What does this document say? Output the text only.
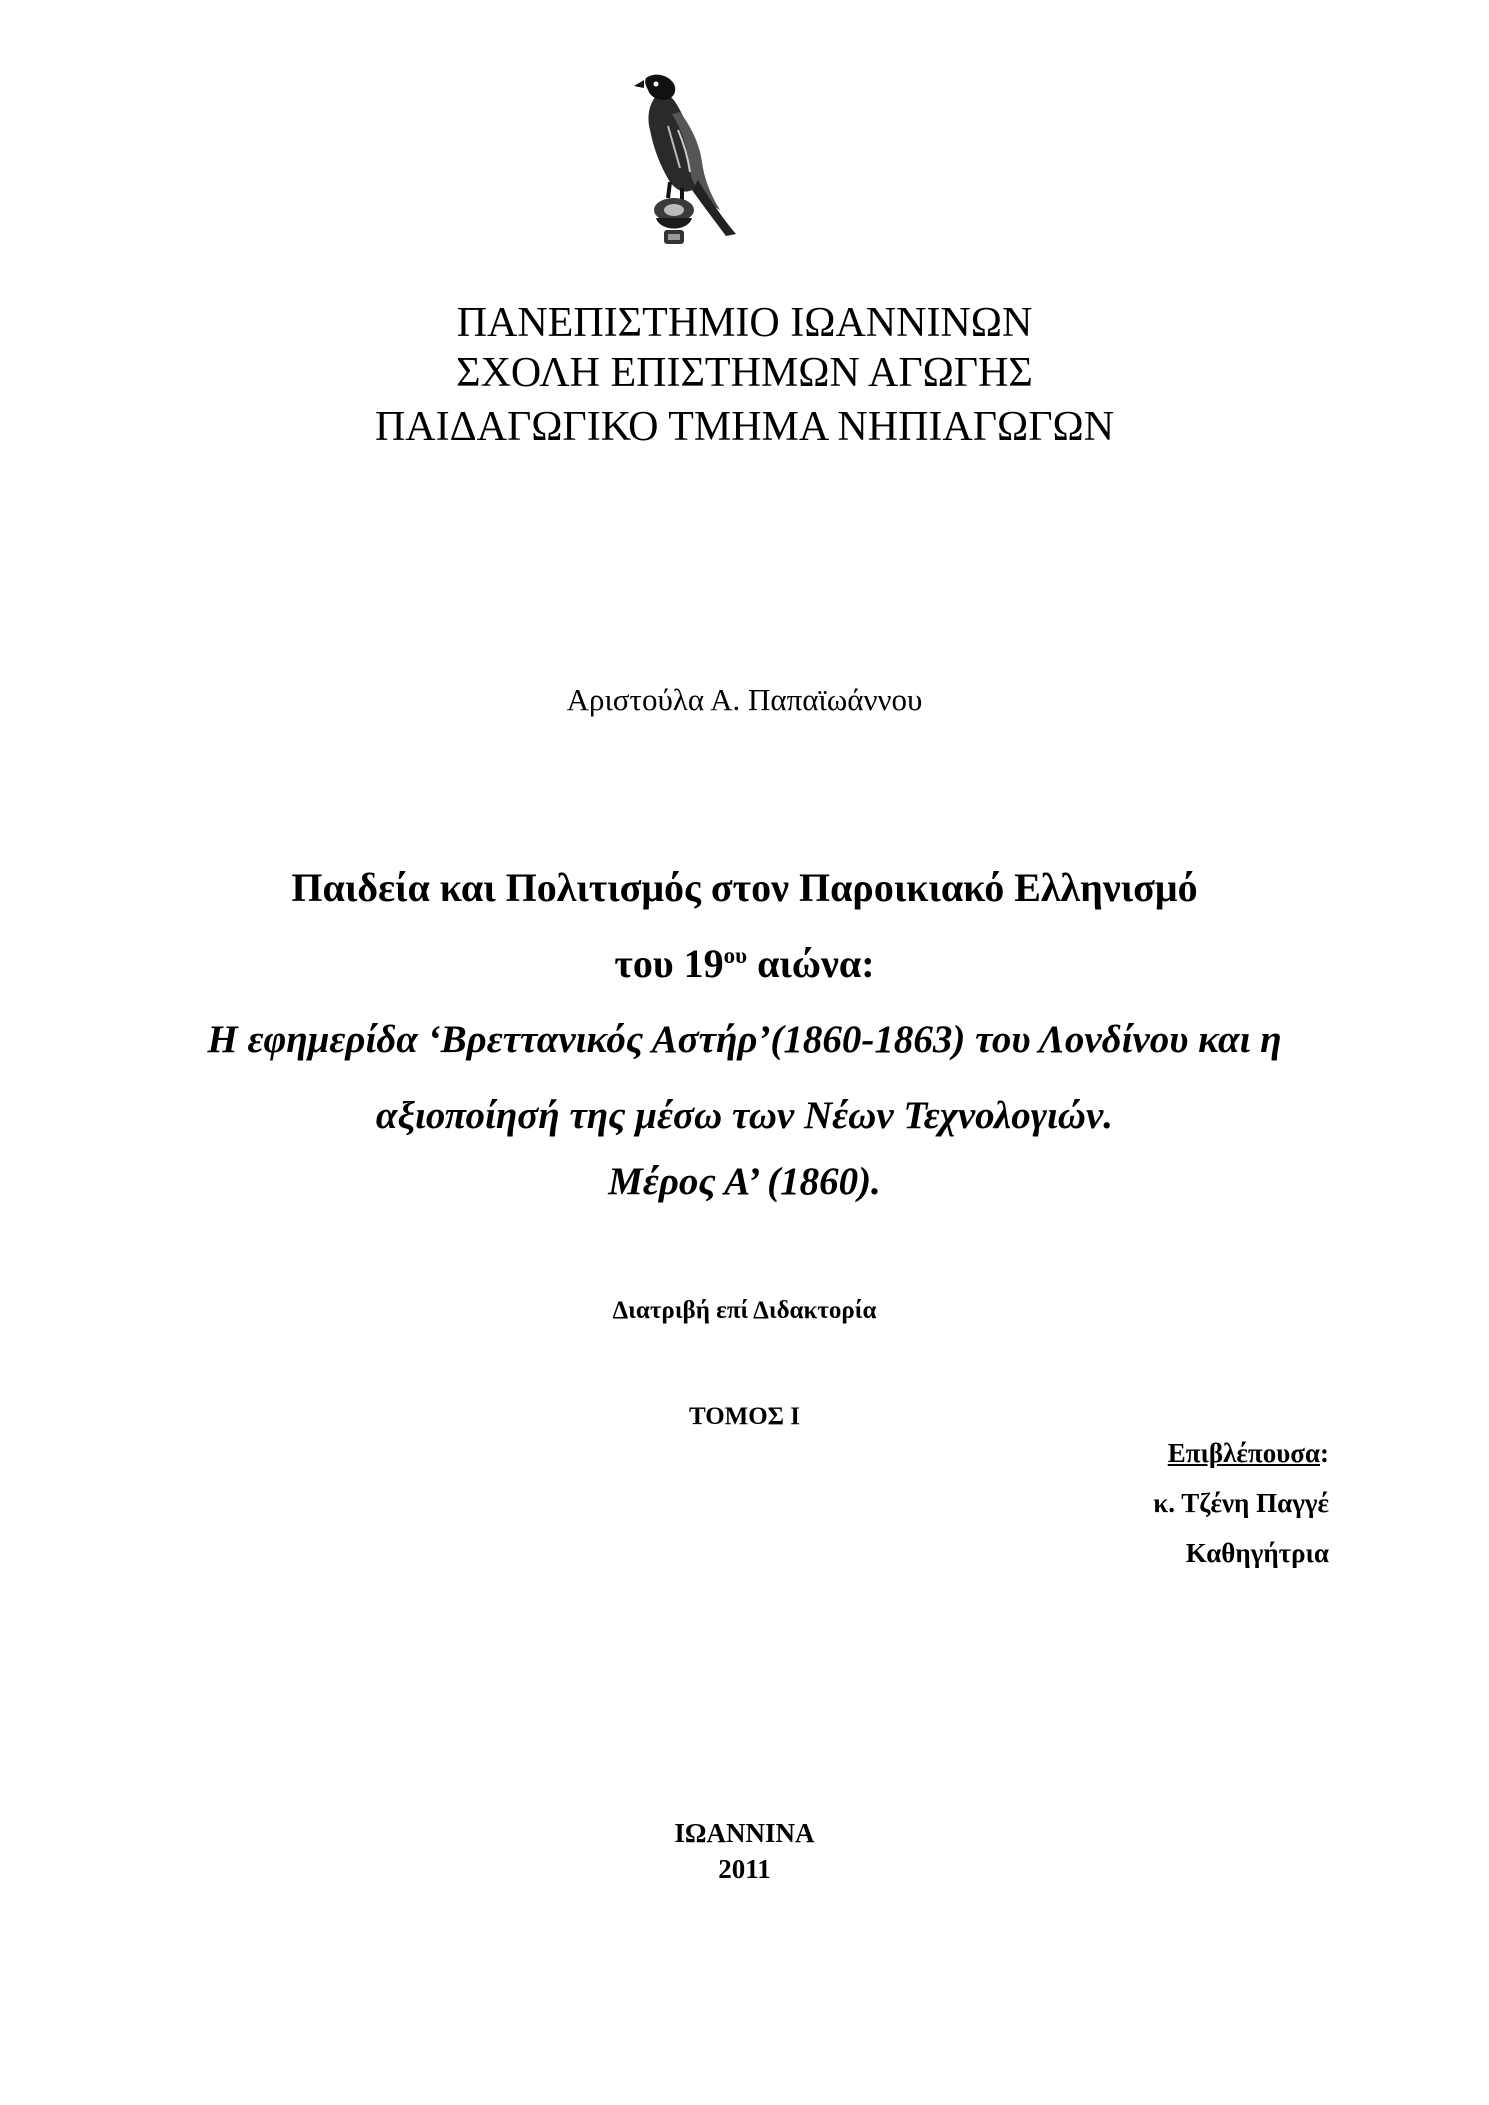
ΠΑΝΕΠΙΣΤΗΜΙΟ ΙΩΑΝΝΙΝΩΝ
ΣΧΟΛΗ ΕΠΙΣΤΗΜΩΝ ΑΓΩΓΗΣ
ΠΑΙΔΑΓΩΓΙΚΟ ΤΜΗΜΑ ΝΗΠΙΑΓΩΓΩΝ
Αριστούλα Α. Παπαϊωάννου
Παιδεία και Πολιτισμός στον Παροικιακό Ελληνισμό
του $19^{o\upsilon}$ αιώνα:
Η εφημερίδα ‘Βρεττανικός Αστήρ’(1860-1863) του Λονδίνου και η
αξιοποίησή της μέσω των Νέων Τεχνολογιών.
Μέρος Α’ (1860).
Διατριβή επί Διδακτορία
ΤΟΜΟΣ Ι
Επιβλέπουσα:
κ. Τζένη Παγγέ
Καθηγήτρια
ΙΩΑΝΝΙΝΑ
2011
